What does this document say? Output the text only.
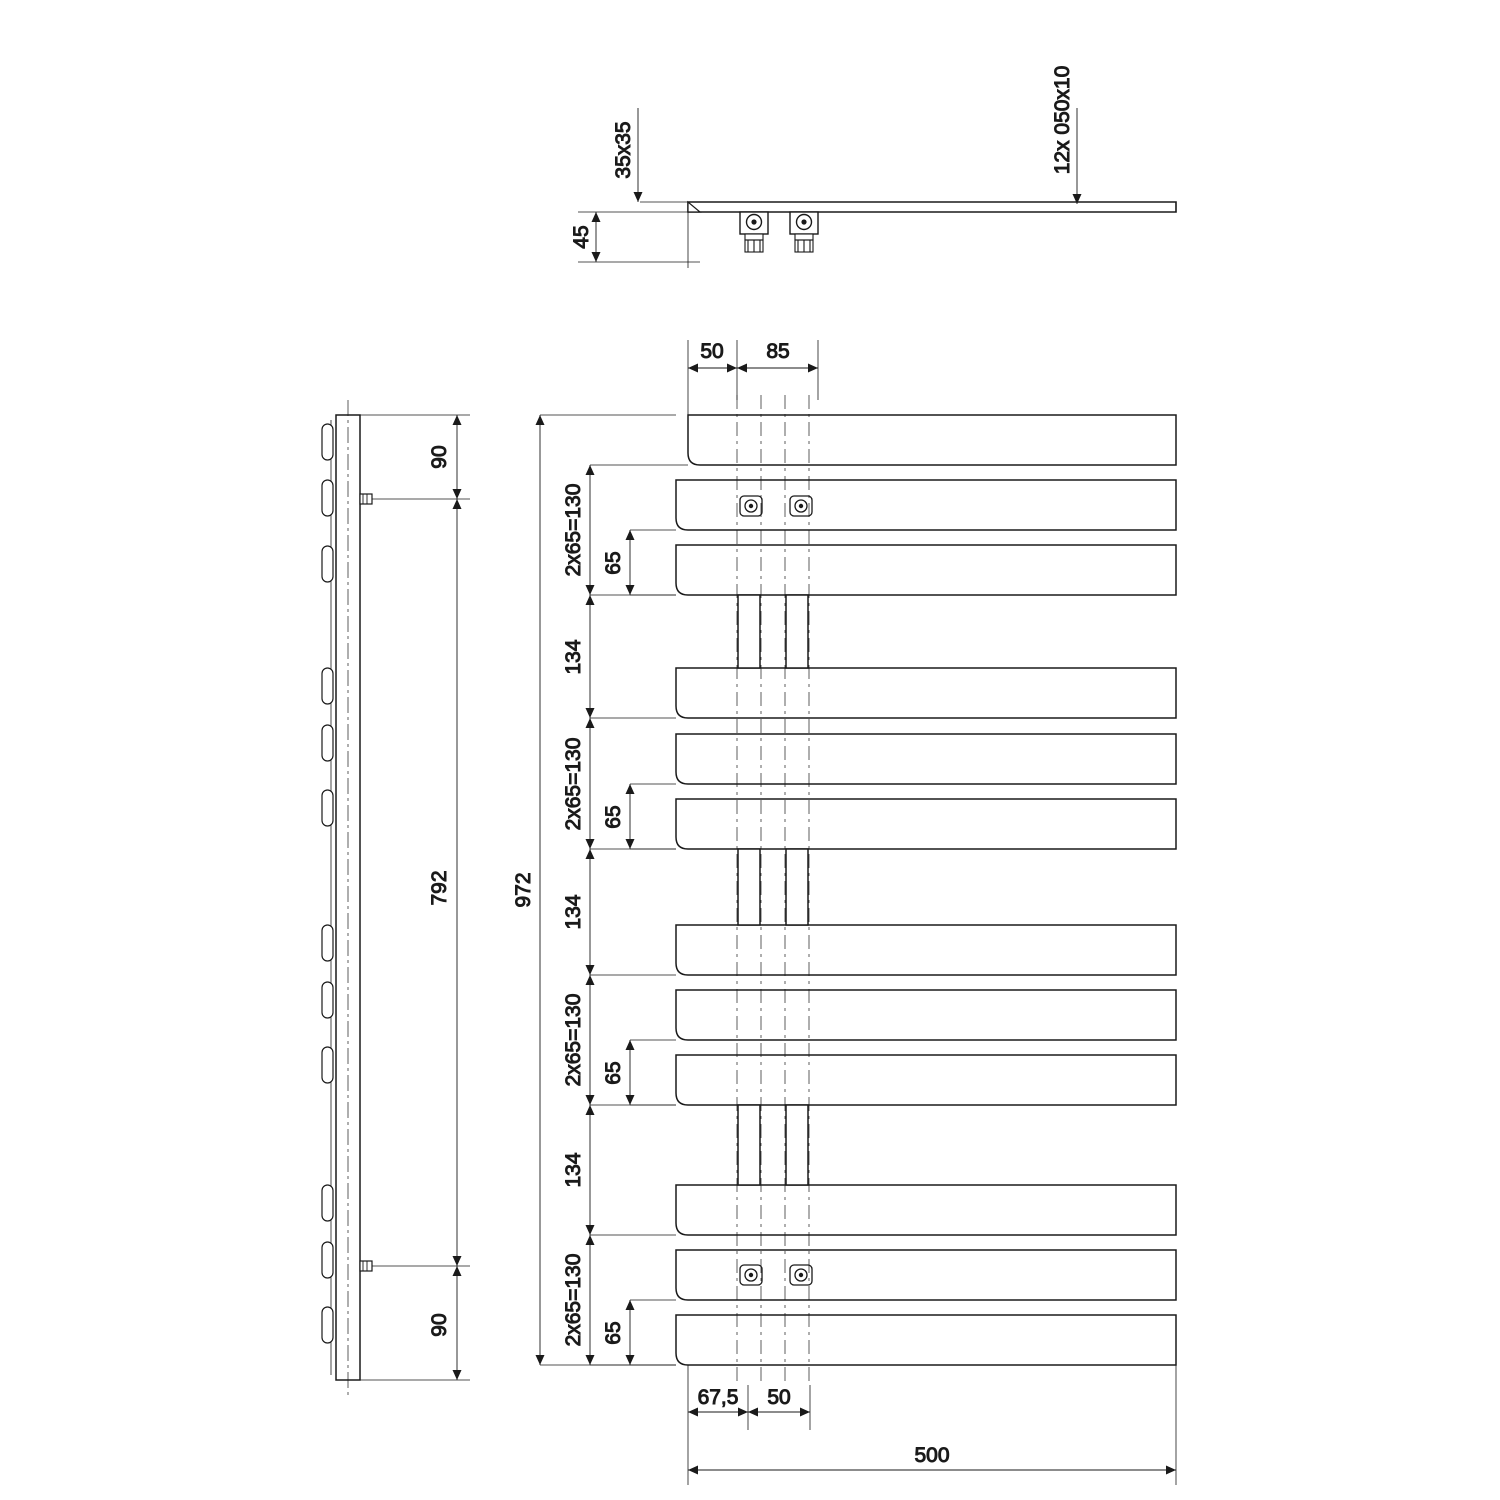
45
35x35	12x 050x10
90
792
90
50 85
67,5 50
500
972
2x65=130
134
2x65=130
134
2x65=130
134
2x65=130
65
65
65
65
